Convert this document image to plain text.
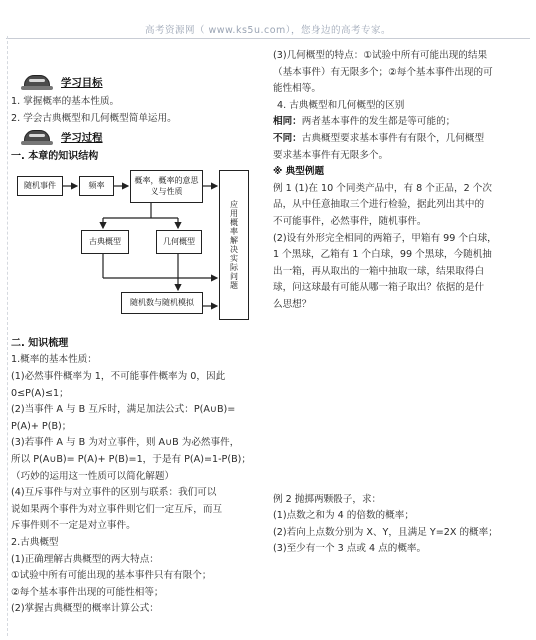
高考资源网（ www.ks5u.com），您身边的高考专家。
学习目标
1. 掌握概率的基本性质。
2. 学会古典概型和几何概型简单运用。
学习过程
一. 本章的知识结构
随机事件	频率
概率，概率的意思义与性质
应用概率解决实际问题
古典概型	几何概型
随机数与随机模拟
二. 知识梳理
1.概率的基本性质：
(1)必然事件概率为 1，不可能事件概率为 0，因此
0≤P(A)≤1；
(2)当事件 A 与 B 互斥时，满足加法公式：P(A∪B)=
P(A)+ P(B)；
(3)若事件 A 与 B 为对立事件，则 A∪B 为必然事件，
所以 P(A∪B)= P(A)+ P(B)=1，于是有 P(A)=1-P(B)；
（巧妙的运用这一性质可以简化解题）
(4)互斥事件与对立事件的区别与联系：我们可以
说如果两个事件为对立事件则它们一定互斥，而互
斥事件则不一定是对立事件。
2.古典概型
(1)正确理解古典概型的两大特点：
①试验中所有可能出现的基本事件只有有限个；
②每个基本事件出现的可能性相等；
(2)掌握古典概型的概率计算公式：
(3)几何概型的特点：①试验中所有可能出现的结果
（基本事件）有无限多个；②每个基本事件出现的可
能性相等。
4. 古典概型和几何概型的区别
相同：两者基本事件的发生都是等可能的；
不同：古典概型要求基本事件有有限个，几何概型
要求基本事件有无限多个。
※ 典型例题
例 1 (1)在 10 个同类产品中，有 8 个正品，2 个次
品，从中任意抽取三个进行检验，据此列出其中的
不可能事件，必然事件，随机事件。
(2)设有外形完全相同的两箱子，甲箱有 99 个白球，
1 个黑球，乙箱有 1 个白球，99 个黑球，今随机抽
出一箱，再从取出的一箱中抽取一球，结果取得白
球，问这球最有可能从哪一箱子取出？依据的是什
么思想？
例 2 抛掷两颗骰子，求：
(1)点数之和为 4 的倍数的概率；
(2)若向上点数分别为 X、Y，且满足 Y=2X 的概率；
(3)至少有一个 3 点或 4 点的概率。
